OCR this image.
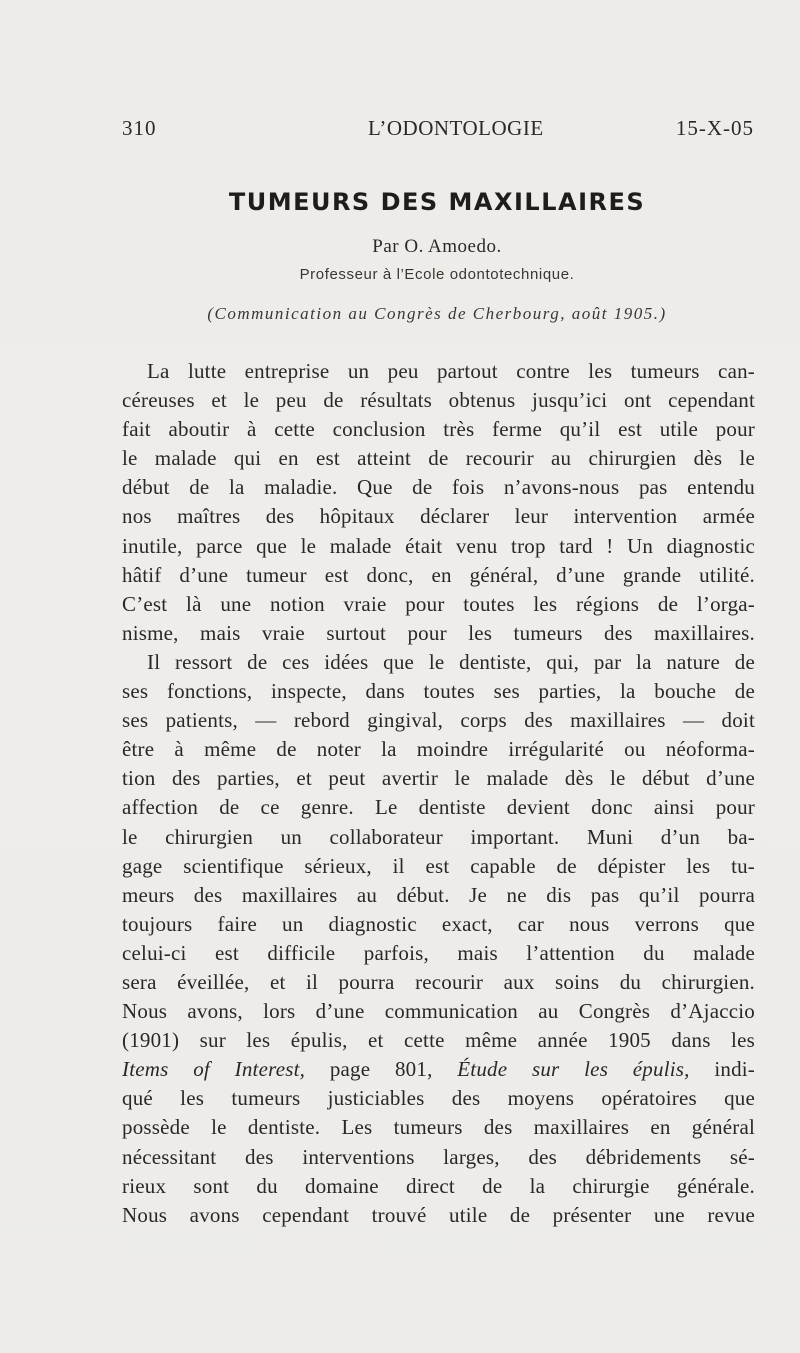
310	L’ODONTOLOGIE	15-X-05
TUMEURS DES MAXILLAIRES
Par O. Amoedo.
Professeur à l’Ecole odontotechnique.
(Communication au Congrès de Cherbourg, août 1905.)
La lutte entreprise un peu partout contre les tumeurs can-
céreuses et le peu de résultats obtenus jusqu’ici ont cependant
fait aboutir à cette conclusion très ferme qu’il est utile pour
le malade qui en est atteint de recourir au chirurgien dès le
début de la maladie. Que de fois n’avons-nous pas entendu
nos maîtres des hôpitaux déclarer leur intervention armée
inutile, parce que le malade était venu trop tard ! Un diagnostic
hâtif d’une tumeur est donc, en général, d’une grande utilité.
C’est là une notion vraie pour toutes les régions de l’orga-
nisme, mais vraie surtout pour les tumeurs des maxillaires.
Il ressort de ces idées que le dentiste, qui, par la nature de
ses fonctions, inspecte, dans toutes ses parties, la bouche de
ses patients, — rebord gingival, corps des maxillaires — doit
être à même de noter la moindre irrégularité ou néoforma-
tion des parties, et peut avertir le malade dès le début d’une
affection de ce genre. Le dentiste devient donc ainsi pour
le chirurgien un collaborateur important. Muni d’un ba-
gage scientifique sérieux, il est capable de dépister les tu-
meurs des maxillaires au début. Je ne dis pas qu’il pourra
toujours faire un diagnostic exact, car nous verrons que
celui-ci est difficile parfois, mais l’attention du malade
sera éveillée, et il pourra recourir aux soins du chirurgien.
Nous avons, lors d’une communication au Congrès d’Ajaccio
(1901) sur les épulis, et cette même année 1905 dans les
Items of Interest, page 801, Étude sur les épulis, indi-
qué les tumeurs justiciables des moyens opératoires que
possède le dentiste. Les tumeurs des maxillaires en général
nécessitant des interventions larges, des débridements sé-
rieux sont du domaine direct de la chirurgie générale.
Nous avons cependant trouvé utile de présenter une revue
